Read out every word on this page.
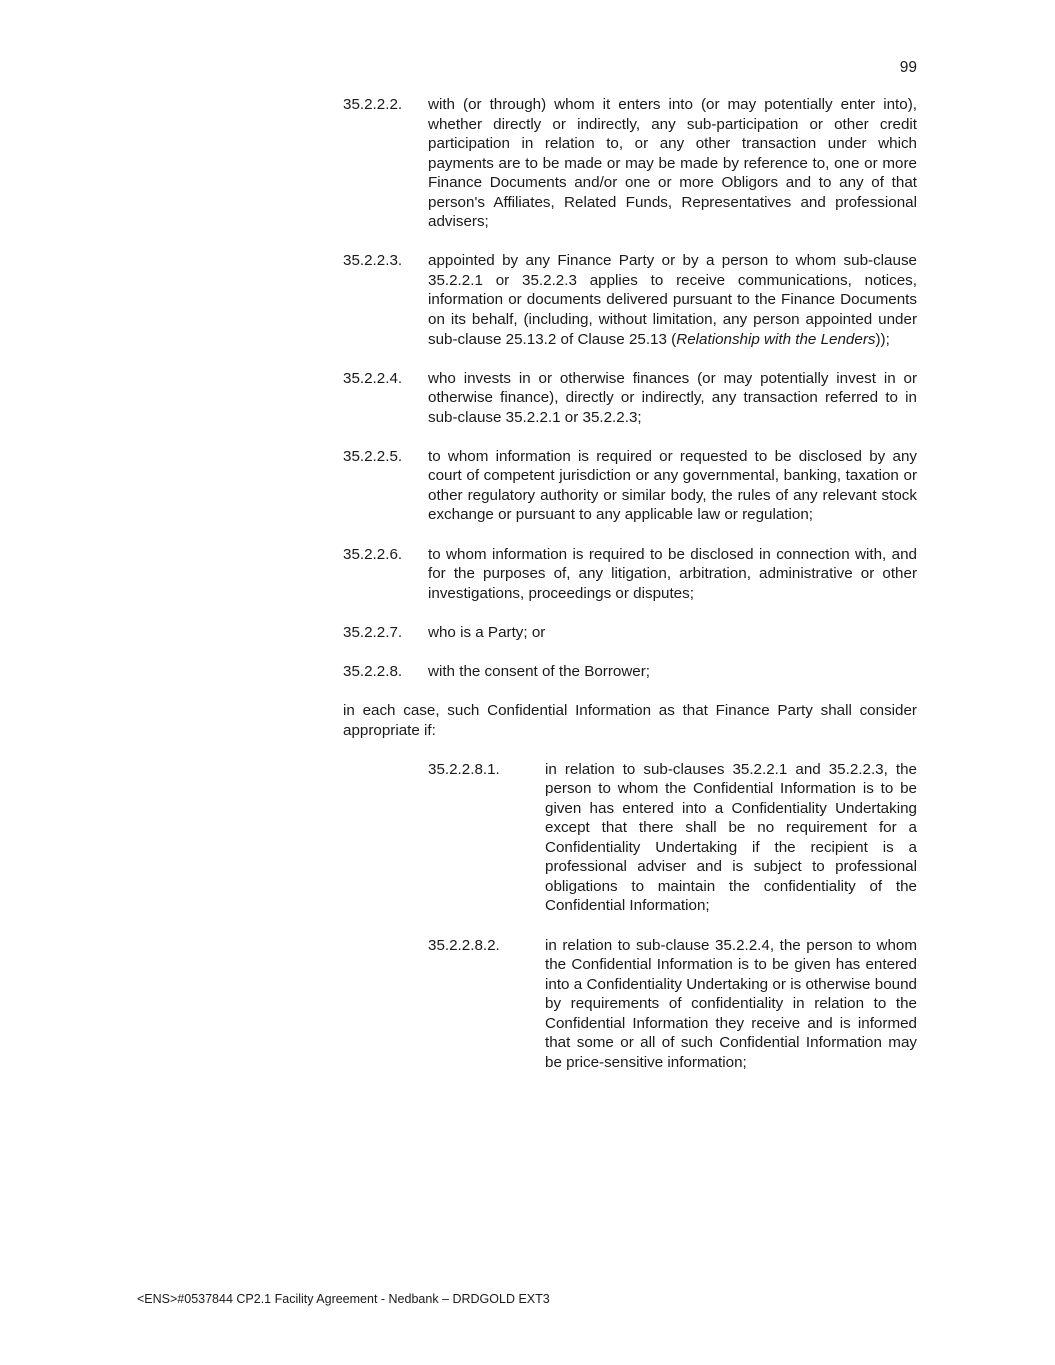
99
35.2.2.2.	with (or through) whom it enters into (or may potentially enter into), whether directly or indirectly, any sub-participation or other credit participation in relation to, or any other transaction under which payments are to be made or may be made by reference to, one or more Finance Documents and/or one or more Obligors and to any of that person's Affiliates, Related Funds, Representatives and professional advisers;
35.2.2.3.	appointed by any Finance Party or by a person to whom sub-clause 35.2.2.1 or 35.2.2.3 applies to receive communications, notices, information or documents delivered pursuant to the Finance Documents on its behalf, (including, without limitation, any person appointed under sub-clause 25.13.2 of Clause 25.13 (Relationship with the Lenders));
35.2.2.4.	who invests in or otherwise finances (or may potentially invest in or otherwise finance), directly or indirectly, any transaction referred to in sub-clause 35.2.2.1 or 35.2.2.3;
35.2.2.5.	to whom information is required or requested to be disclosed by any court of competent jurisdiction or any governmental, banking, taxation or other regulatory authority or similar body, the rules of any relevant stock exchange or pursuant to any applicable law or regulation;
35.2.2.6.	to whom information is required to be disclosed in connection with, and for the purposes of, any litigation, arbitration, administrative or other investigations, proceedings or disputes;
35.2.2.7.	who is a Party; or
35.2.2.8.	with the consent of the Borrower;
in each case, such Confidential Information as that Finance Party shall consider appropriate if:
35.2.2.8.1.	in relation to sub-clauses 35.2.2.1 and 35.2.2.3, the person to whom the Confidential Information is to be given has entered into a Confidentiality Undertaking except that there shall be no requirement for a Confidentiality Undertaking if the recipient is a professional adviser and is subject to professional obligations to maintain the confidentiality of the Confidential Information;
35.2.2.8.2.	in relation to sub-clause 35.2.2.4, the person to whom the Confidential Information is to be given has entered into a Confidentiality Undertaking or is otherwise bound by requirements of confidentiality in relation to the Confidential Information they receive and is informed that some or all of such Confidential Information may be price-sensitive information;
<ENS>#0537844 CP2.1 Facility Agreement - Nedbank – DRDGOLD EXT3
